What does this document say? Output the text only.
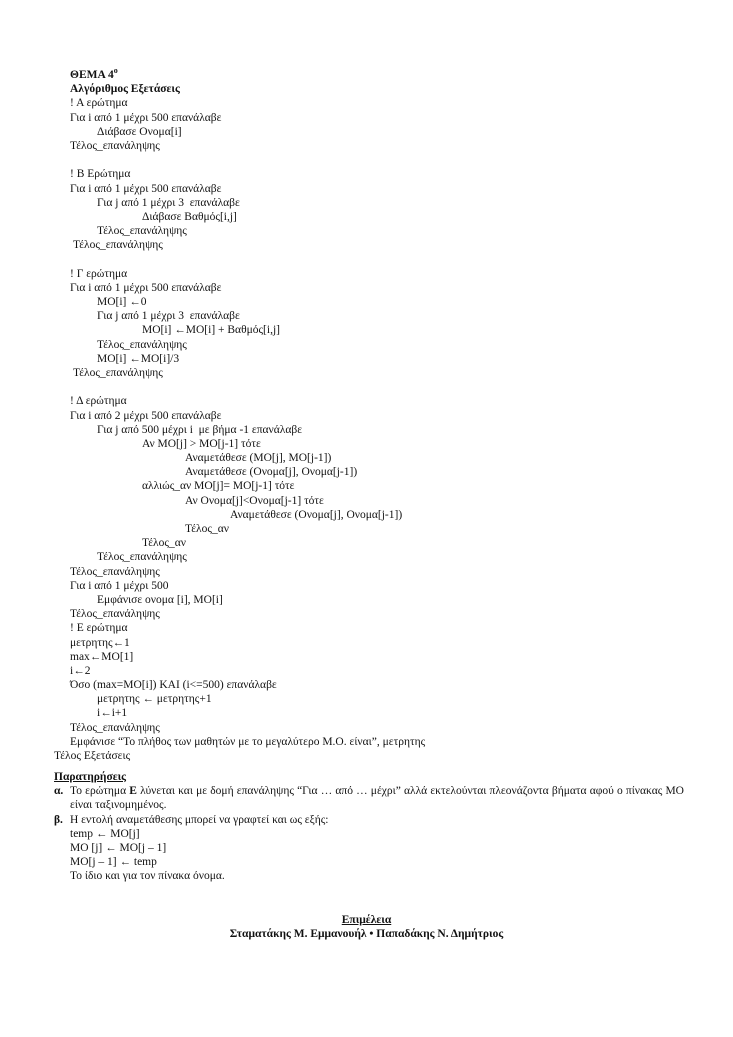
ΘΕΜΑ $4^o$
Αλγόριθμος Εξετάσεις
! Α ερώτημα
Για i από 1 μέχρι 500 επανάλαβε
Διάβασε Ονομα[i]
Τέλος_επανάληψης
! Β Ερώτημα
Για i από 1 μέχρι 500 επανάλαβε
Για j από 1 μέχρι 3  επανάλαβε
Διάβασε Βαθμός[i,j]
Τέλος_επανάληψης
Τέλος_επανάληψης
! Γ ερώτημα
Για i από 1 μέχρι 500 επανάλαβε
ΜΟ[i] ←0
Για j από 1 μέχρι 3  επανάλαβε
ΜΟ[i] ←ΜΟ[i] + Βαθμός[i,j]
Τέλος_επανάληψης
ΜΟ[i] ←ΜΟ[i]/3
Τέλος_επανάληψης
! Δ ερώτημα
Για i από 2 μέχρι 500 επανάλαβε
Για j από 500 μέχρι i  με βήμα -1 επανάλαβε
Αν ΜΟ[j] > ΜΟ[j-1] τότε
Αναμετάθεσε (ΜΟ[j], ΜΟ[j-1])
Αναμετάθεσε (Ονομα[j], Ονομα[j-1])
αλλιώς_αν ΜΟ[j]= ΜΟ[j-1] τότε
Αν Ονομα[j]<Ονομα[j-1] τότε
Αναμετάθεσε (Ονομα[j], Ονομα[j-1])
Τέλος_αν
Τέλος_αν
Τέλος_επανάληψης
Τέλος_επανάληψης
Για i από 1 μέχρι 500
Εμφάνισε ονομα [i], ΜΟ[i]
Τέλος_επανάληψης
! Ε ερώτημα
μετρητης←1
max←ΜΟ[1]
i←2
Όσο (max=ΜΟ[i]) ΚΑΙ (i<=500) επανάλαβε
μετρητης ← μετρητης+1
i←i+1
Τέλος_επανάληψης
Εμφάνισε “Το πλήθος των μαθητών με το μεγαλύτερο Μ.Ο. είναι”, μετρητης
Τέλος Εξετάσεις
Παρατηρήσεις
α. Το ερώτημα Ε λύνεται και με δομή επανάληψης “Για … από … μέχρι” αλλά εκτελούνται πλεονάζοντα βήματα αφού ο πίνακας ΜΟ είναι ταξινομημένος.
β. Η εντολή αναμετάθεσης μπορεί να γραφτεί και ως εξής:
temp ← ΜΟ[j]
ΜΟ [j] ← ΜΟ[j – 1]
ΜΟ[j – 1] ← temp
Το ίδιο και για τον πίνακα όνομα.
Επιμέλεια
Σταματάκης Μ. Εμμανουήλ • Παπαδάκης Ν. Δημήτριος
